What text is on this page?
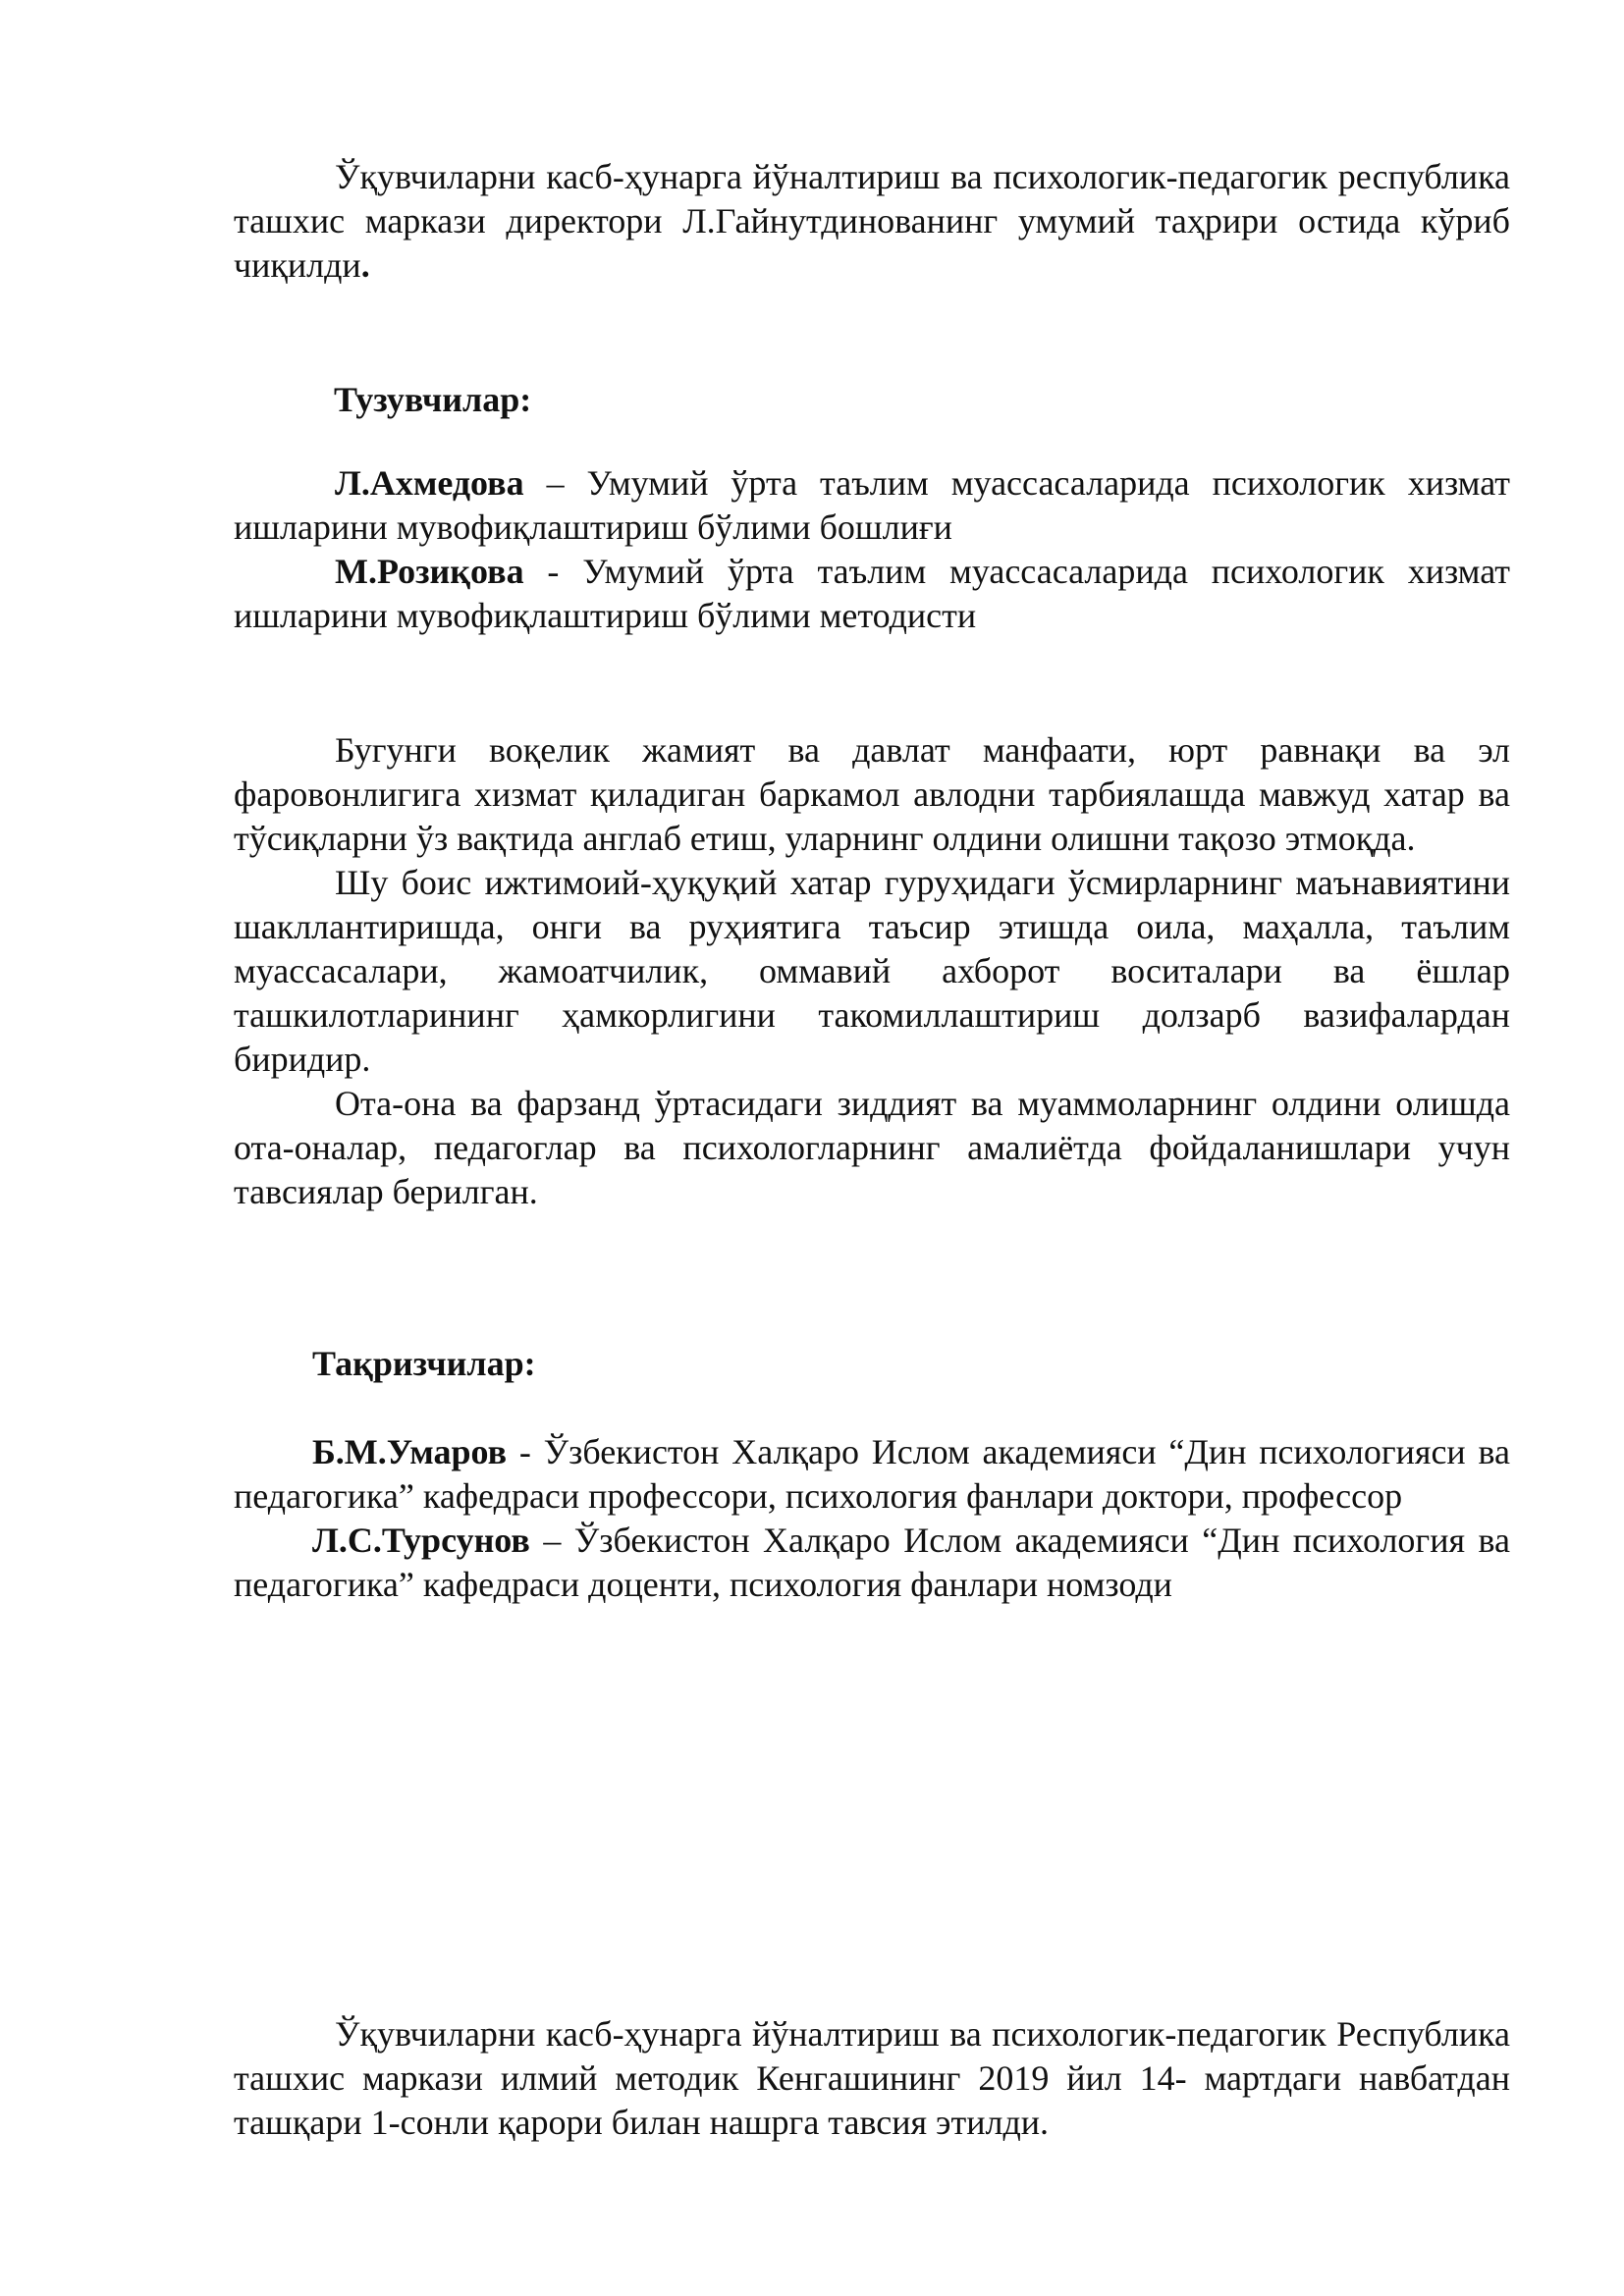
Ўқувчиларни касб-ҳунарга йўналтириш ва психологик-педагогик республика ташхис маркази директори Л.Гайнутдинованинг умумий таҳрири остида кўриб чиқилди.

Тузувчилар:

Л.Ахмедова – Умумий ўрта таълим муассасаларида психологик хизмат ишларини мувофиқлаштириш бўлими бошлиғи

М.Розиқова - Умумий ўрта таълим муассасаларида психологик хизмат ишларини мувофиқлаштириш бўлими методисти

Бугунги воқелик жамият ва давлат манфаати, юрт равнақи ва эл фаровонлигига хизмат қиладиган баркамол авлодни тарбиялашда мавжуд хатар ва тўсиқларни ўз вақтида англаб етиш, уларнинг олдини олишни тақозо этмоқда.

Шу боис ижтимоий-ҳуқуқий хатар гуруҳидаги ўсмирларнинг маънавиятини шакллантиришда, онги ва руҳиятига таъсир этишда оила, маҳалла, таълим муассасалари, жамоатчилик, оммавий ахборот воситалари ва ёшлар ташкилотларининг ҳамкорлигини такомиллаштириш долзарб вазифалардан биридир.

Ота-она ва фарзанд ўртасидаги зиддият ва муаммоларнинг олдини олишда ота-оналар, педагоглар ва психологларнинг амалиётда фойдаланишлари учун тавсиялар берилган.

Тақризчилар:

Б.М.Умаров - Ўзбекистон Халқаро Ислом академияси “Дин психологияси ва педагогика” кафедраси профессори, психология фанлари доктори, профессор

Л.С.Турсунов – Ўзбекистон Халқаро Ислом академияси “Дин психология ва педагогика” кафедраси доценти, психология фанлари номзоди

Ўқувчиларни касб-ҳунарга йўналтириш ва психологик-педагогик Республика ташхис маркази илмий методик Кенгашининг 2019 йил 14- мартдаги навбатдан ташқари 1-сонли қарори билан нашрга тавсия этилди.
